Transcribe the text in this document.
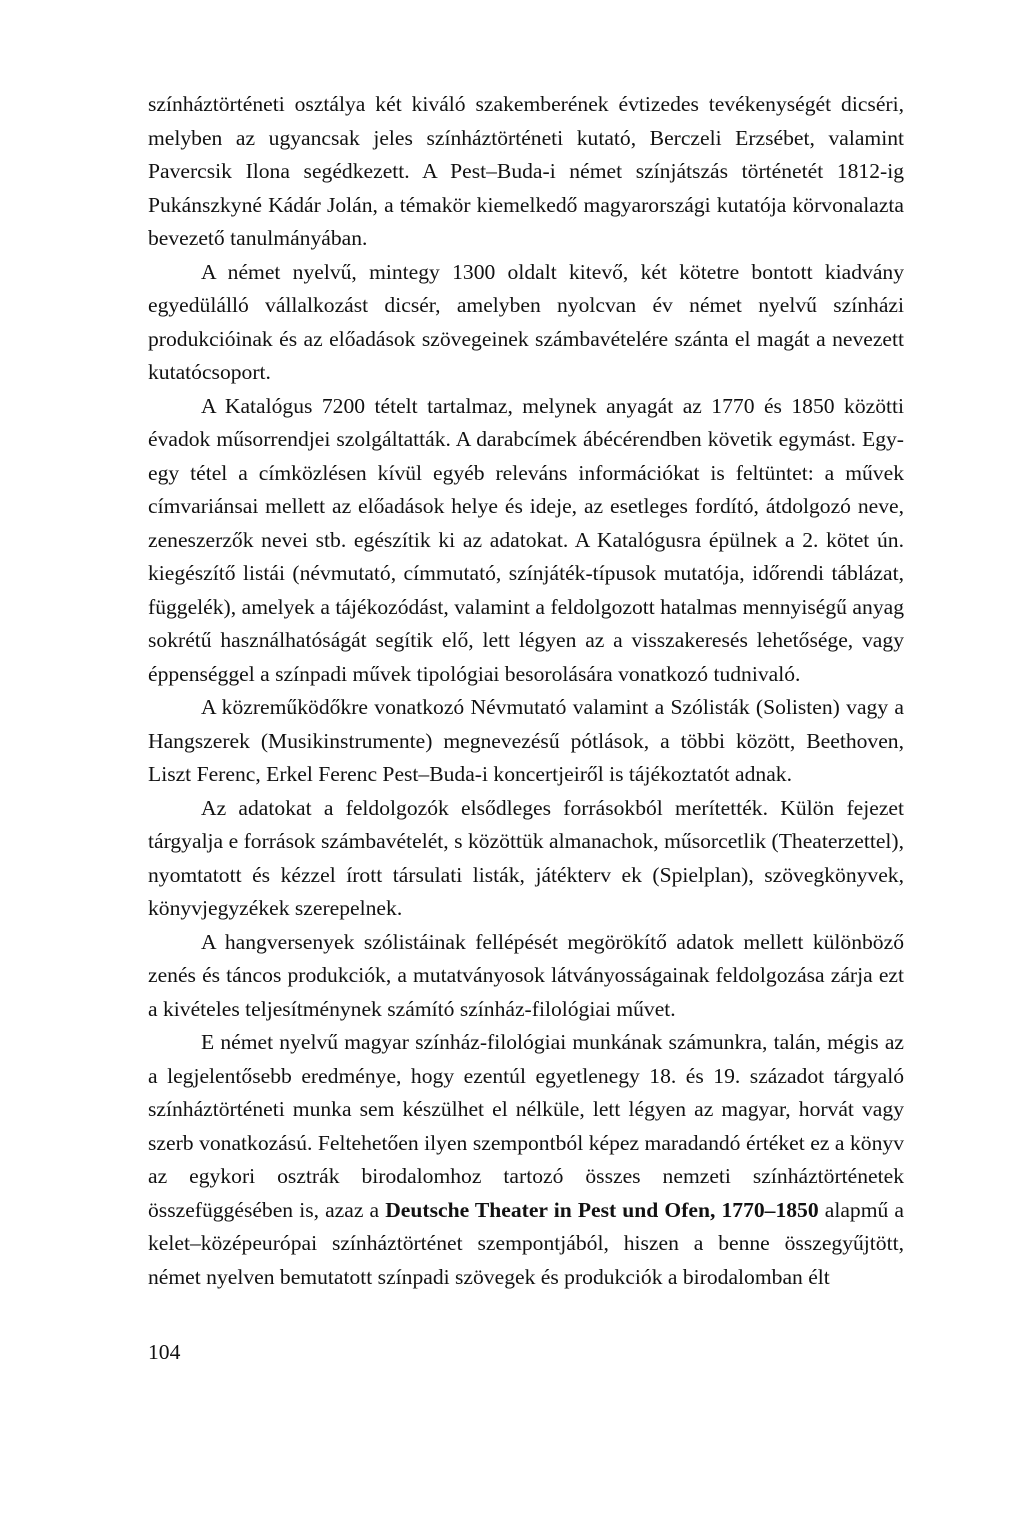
színháztörténeti osztálya két kiváló szakemberének évtizedes tevékenységét dicséri, melyben az ugyancsak jeles színháztörténeti kutató, Berczeli Erzsébet, valamint Pavercsik Ilona segédkezett. A Pest–Buda-i német színjátszás történetét 1812-ig Pukánszkyné Kádár Jolán, a témakör kiemelkedő magyarországi kutatója körvonalazta bevezető tanulmányában.

A német nyelvű, mintegy 1300 oldalt kitevő, két kötetre bontott kiadvány egyedülálló vállalkozást dicsér, amelyben nyolcvan év német nyelvű színházi produkcióinak és az előadások szövegeinek számbavételére szánta el magát a nevezett kutatócsoport.

A Katalógus 7200 tételt tartalmaz, melynek anyagát az 1770 és 1850 közötti évadok műsorrendjei szolgáltatták. A darabcímek ábécérendben követik egymást. Egy-egy tétel a címközlésen kívül egyéb releváns információkat is feltüntet: a művek címvariánsai mellett az előadások helye és ideje, az esetleges fordító, átdolgozó neve, zeneszerzők nevei stb. egészítik ki az adatokat. A Katalógusra épülnek a 2. kötet ún. kiegészítő listái (névmutató, címmutató, színjáték-típusok mutatója, időrendi táblázat, függelék), amelyek a tájékozódást, valamint a feldolgozott hatalmas mennyiségű anyag sokrétű használhatóságát segítik elő, lett légyen az a visszakeresés lehetősége, vagy éppenséggel a színpadi művek tipológiai besorolására vonatkozó tudnivaló.

A közreműködőkre vonatkozó Névmutató valamint a Szólisták (Solisten) vagy a Hangszerek (Musikinstrumente) megnevezésű pótlások, a többi között, Beethoven, Liszt Ferenc, Erkel Ferenc Pest–Buda-i koncertjeiről is tájékoztatót adnak.

Az adatokat a feldolgozók elsődleges forrásokból merítették. Külön fejezet tárgyalja e források számbavételét, s közöttük almanachok, műsorcetlik (Theaterzettel), nyomtatott és kézzel írott társulati listák, játékterv ek (Spielplan), szövegkönyvek, könyvjegyzékek szerepelnek.

A hangversenyek szólistáinak fellépését megörökítő adatok mellett különböző zenés és táncos produkciók, a mutatványosok látványosságainak feldolgozása zárja ezt a kivételes teljesítménynek számító színház-filológiai művet.

E német nyelvű magyar színház-filológiai munkának számunkra, talán, mégis az a legjelentősebb eredménye, hogy ezentúl egyetlenegy 18. és 19. századot tárgyaló színháztörténeti munka sem készülhet el nélküle, lett légyen az magyar, horvát vagy szerb vonatkozású. Feltehetően ilyen szempontból képez maradandó értéket ez a könyv az egykori osztrák birodalomhoz tartozó összes nemzeti színháztörténetek összefüggésében is, azaz a Deutsche Theater in Pest und Ofen, 1770–1850 alapmű a kelet–középeurópai színháztörténet szempontjából, hiszen a benne összegyűjtött, német nyelven bemutatott színpadi szövegek és produkciók a birodalomban élt

104
